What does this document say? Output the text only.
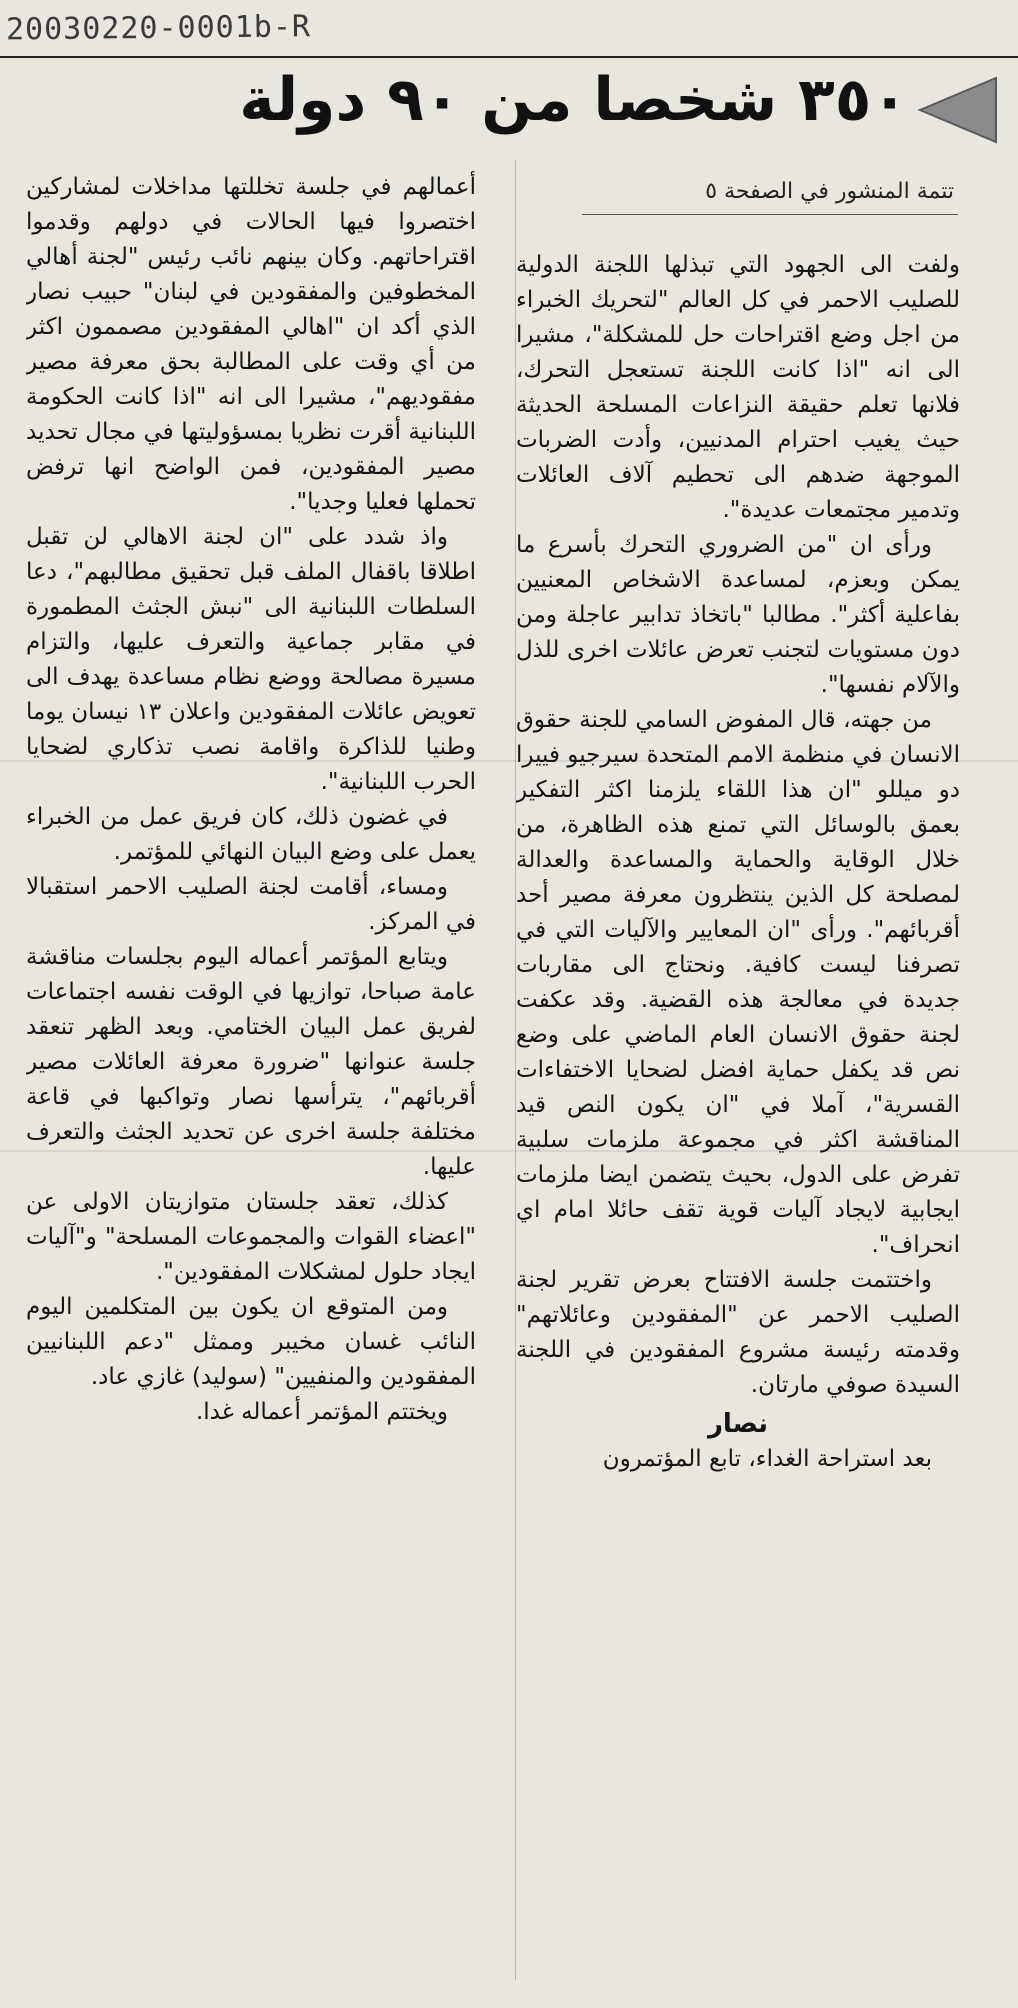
20030220-0001b-R
٣٥٠ شخصا من ٩٠ دولة
تتمة المنشور في الصفحة ٥

ولفت الى الجهود التي تبذلها اللجنة الدولية للصليب الاحمر في كل العالم "لتحريك الخبراء من اجل وضع اقتراحات حل للمشكلة"، مشيرا الى انه "اذا كانت اللجنة تستعجل التحرك، فلانها تعلم حقيقة النزاعات المسلحة الحديثة حيث يغيب احترام المدنيين، وأدت الضربات الموجهة ضدهم الى تحطيم آلاف العائلات وتدمير مجتمعات عديدة".

ورأى ان "من الضروري التحرك بأسرع ما يمكن وبعزم، لمساعدة الاشخاص المعنيين بفاعلية أكثر". مطالبا "باتخاذ تدابير عاجلة ومن دون مستويات لتجنب تعرض عائلات اخرى للذل والآلام نفسها".

من جهته، قال المفوض السامي للجنة حقوق الانسان في منظمة الامم المتحدة سيرجيو فييرا دو ميللو "ان هذا اللقاء يلزمنا اكثر التفكير بعمق بالوسائل التي تمنع هذه الظاهرة، من خلال الوقاية والحماية والمساعدة والعدالة لمصلحة كل الذين ينتظرون معرفة مصير أحد أقربائهم". ورأى "ان المعايير والآليات التي في تصرفنا ليست كافية. ونحتاج الى مقاربات جديدة في معالجة هذه القضية. وقد عكفت لجنة حقوق الانسان العام الماضي على وضع نص قد يكفل حماية افضل لضحايا الاختفاءات القسرية"، آملا في "ان يكون النص قيد المناقشة اكثر في مجموعة ملزمات سلبية تفرض على الدول، بحيث يتضمن ايضا ملزمات ايجابية لايجاد آليات قوية تقف حائلا امام اي انحراف".

واختتمت جلسة الافتتاح بعرض تقرير لجنة الصليب الاحمر عن "المفقودين وعائلاتهم" وقدمته رئيسة مشروع المفقودين في اللجنة السيدة صوفي مارتان.

نصار

بعد استراحة الغداء، تابع المؤتمرون

أعمالهم في جلسة تخللتها مداخلات لمشاركين اختصروا فيها الحالات في دولهم وقدموا اقتراحاتهم. وكان بينهم نائب رئيس "لجنة أهالي المخطوفين والمفقودين في لبنان" حبيب نصار الذي أكد ان "اهالي المفقودين مصممون اكثر من أي وقت على المطالبة بحق معرفة مصير مفقوديهم"، مشيرا الى انه "اذا كانت الحكومة اللبنانية أقرت نظريا بمسؤوليتها في مجال تحديد مصير المفقودين، فمن الواضح انها ترفض تحملها فعليا وجديا".

واذ شدد على "ان لجنة الاهالي لن تقبل اطلاقا باقفال الملف قبل تحقيق مطالبهم"، دعا السلطات اللبنانية الى "نبش الجثث المطمورة في مقابر جماعية والتعرف عليها، والتزام مسيرة مصالحة ووضع نظام مساعدة يهدف الى تعويض عائلات المفقودين واعلان ١٣ نيسان يوما وطنيا للذاكرة واقامة نصب تذكاري لضحايا الحرب اللبنانية".

في غضون ذلك، كان فريق عمل من الخبراء يعمل على وضع البيان النهائي للمؤتمر.

ومساء، أقامت لجنة الصليب الاحمر استقبالا في المركز.

ويتابع المؤتمر أعماله اليوم بجلسات مناقشة عامة صباحا، توازيها في الوقت نفسه اجتماعات لفريق عمل البيان الختامي. وبعد الظهر تنعقد جلسة عنوانها "ضرورة معرفة العائلات مصير أقربائهم"، يترأسها نصار وتواكبها في قاعة مختلفة جلسة اخرى عن تحديد الجثث والتعرف عليها.

كذلك، تعقد جلستان متوازيتان الاولى عن "اعضاء القوات والمجموعات المسلحة" و"آليات ايجاد حلول لمشكلات المفقودين".

ومن المتوقع ان يكون بين المتكلمين اليوم النائب غسان مخيبر وممثل "دعم اللبنانيين المفقودين والمنفيين" (سوليد) غازي عاد.

ويختتم المؤتمر أعماله غدا.
